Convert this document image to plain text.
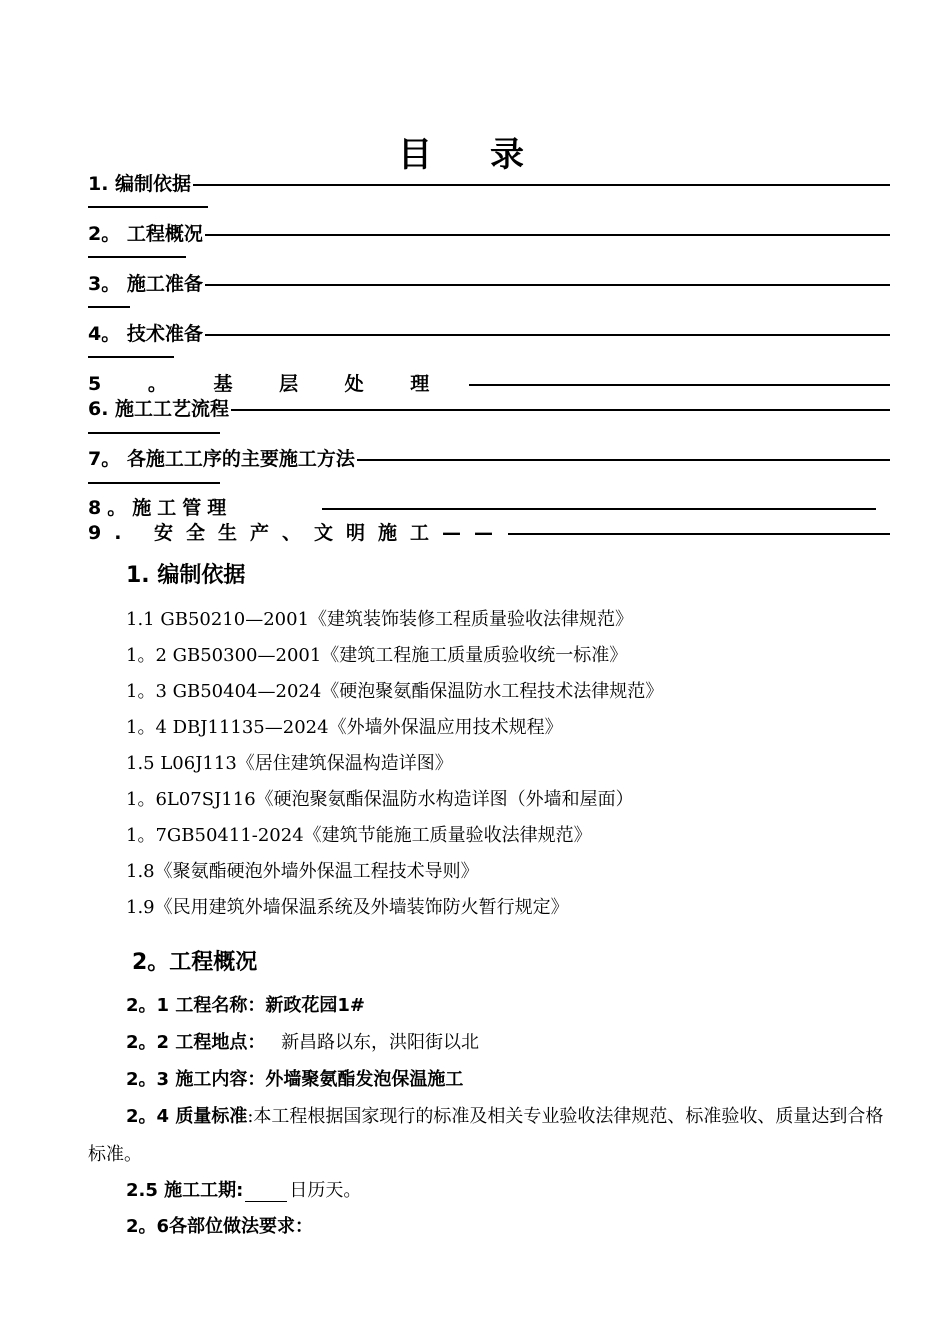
目录
1. 编制依据
2。 工程概况
3。 施工准备
4。 技术准备
5 。 基 层 处 理
6. 施工工艺流程
7。 各施工工序的主要施工方法
8。施工管理
9. 安全生产、文明施工——
1. 编制依据
1.1 GB50210—2001《建筑装饰装修工程质量验收法律规范》
1。2 GB50300—2001《建筑工程施工质量质验收统一标准》
1。3 GB50404—2024《硬泡聚氨酯保温防水工程技术法律规范》
1。4 DBJ11135—2024《外墙外保温应用技术规程》
1.5 L06J113《居住建筑保温构造详图》
1。6L07SJ116《硬泡聚氨酯保温防水构造详图（外墙和屋面）
1。7GB50411-2024《建筑节能施工质量验收法律规范》
1.8《聚氨酯硬泡外墙外保温工程技术导则》
1.9《民用建筑外墙保温系统及外墙装饰防火暂行规定》
2。工程概况
2。1 工程名称：新政花园1#
2。2 工程地点： 新昌路以东，洪阳街以北
2。3 施工内容：外墙聚氨酯发泡保温施工
2。4 质量标准:本工程根据国家现行的标准及相关专业验收法律规范、标准验收、质量达到合格标准。
2.5 施工工期:	日历天。
2。6各部位做法要求：
